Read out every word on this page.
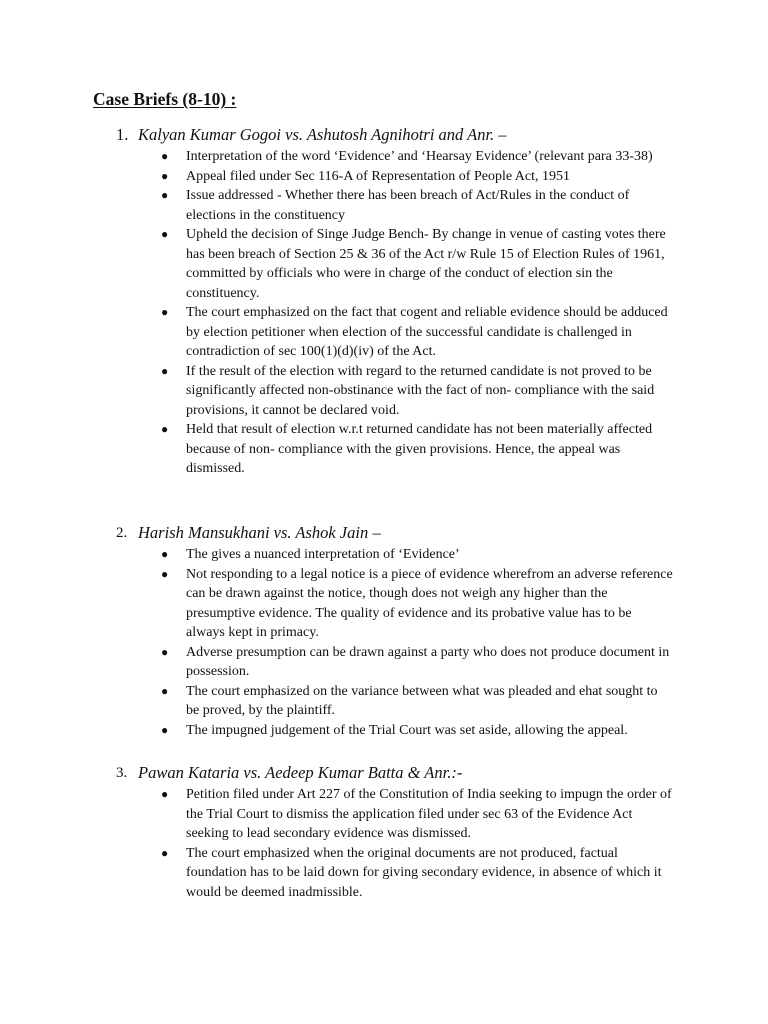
Case Briefs (8-10) :
1. Kalyan Kumar Gogoi vs. Ashutosh Agnihotri and Anr. –
● Interpretation of the word ‘Evidence’ and ‘Hearsay Evidence’ (relevant para 33-38)
● Appeal filed under Sec 116-A of Representation of People Act, 1951
● Issue addressed - Whether there has been breach of Act/Rules in the conduct of elections in the constituency
● Upheld the decision of Singe Judge Bench- By change in venue of casting votes there has been breach of Section 25 & 36 of the Act r/w Rule 15 of Election Rules of 1961, committed by officials who were in charge of the conduct of election sin the constituency.
● The court emphasized on the fact that cogent and reliable evidence should be adduced by election petitioner when election of the successful candidate is challenged in contradiction of sec 100(1)(d)(iv) of the Act.
● If the result of the election with regard to the returned candidate is not proved to be significantly affected non-obstinance with the fact of non- compliance with the said provisions, it cannot be declared void.
● Held that result of election w.r.t returned candidate has not been materially affected because of non- compliance with the given provisions. Hence, the appeal was dismissed.
2. Harish Mansukhani vs. Ashok Jain –
● The gives a nuanced interpretation of ‘Evidence’
● Not responding to a legal notice is a piece of evidence wherefrom an adverse reference can be drawn against the notice, though does not weigh any higher than the presumptive evidence. The quality of evidence and its probative value has to be always kept in primacy.
● Adverse presumption can be drawn against a party who does not produce document in possession.
● The court emphasized on the variance between what was pleaded and ehat sought to be proved, by the plaintiff.
● The impugned judgement of the Trial Court was set aside, allowing the appeal.
3. Pawan Kataria vs. Aedeep Kumar Batta & Anr.:-
● Petition filed under Art 227 of the Constitution of India seeking to impugn the order of the Trial Court to dismiss the application filed under sec 63 of the Evidence Act seeking to lead secondary evidence was dismissed.
● The court emphasized when the original documents are not produced, factual foundation has to be laid down for giving secondary evidence, in absence of which it would be deemed inadmissible.
